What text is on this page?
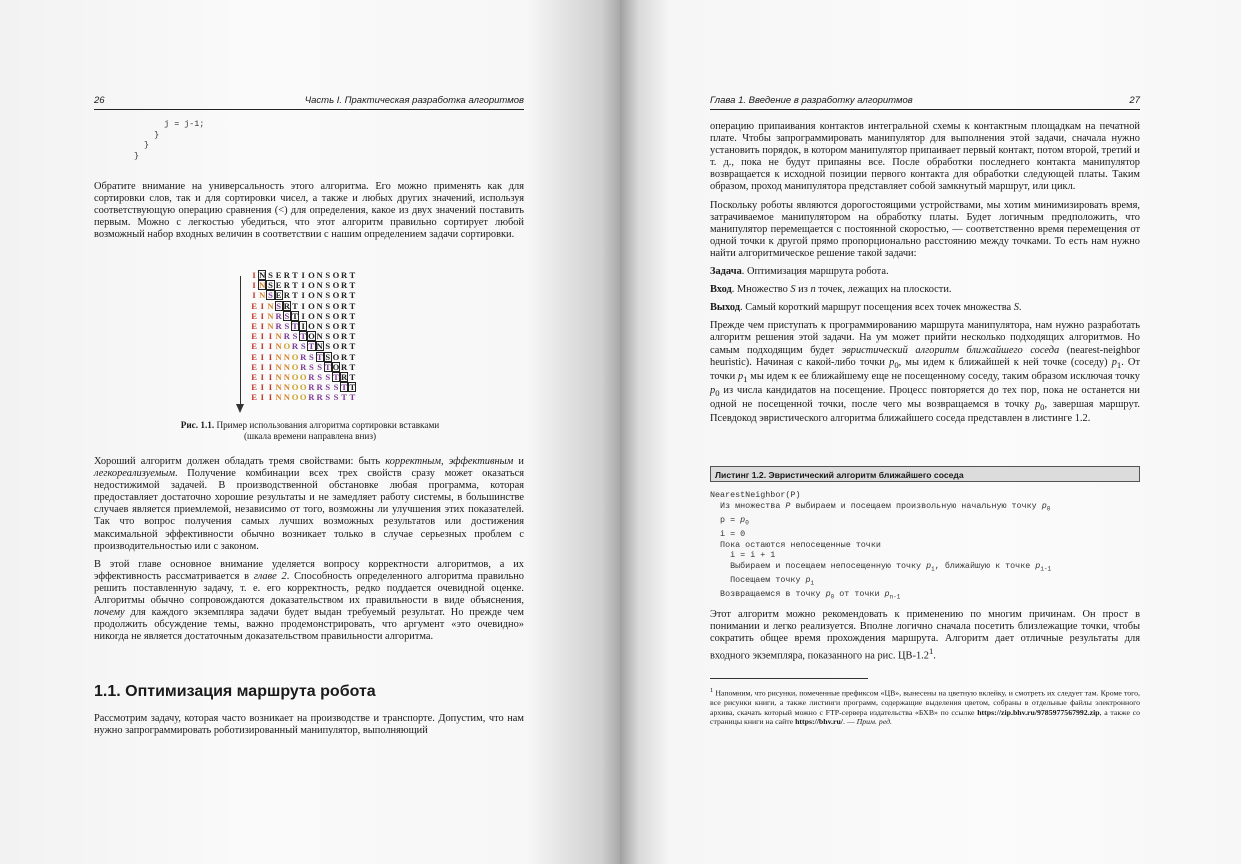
26	Часть I. Практическая разработка алгоритмов
j = j-1;
}
}
}

Обратите внимание на универсальность этого алгоритма. Его можно применять как для сортировки слов, так и для сортировки чисел, а также и любых других значений, используя соответствующую операцию сравнения (<) для определения, какое из двух значений поставить первым. Можно с легкостью убедиться, что этот алгоритм правильно сортирует любой возможный набор входных величин в соответствии с нашим определением задачи сортировки.

I N S E R T I O N S O R T
I N S E R T I O N S O R T
I N S E R T I O N S O R T
E I N S R T I O N S O R T
E I N R S T I O N S O R T
E I N R S T I O N S O R T
E I I N R S T O N S O R T
E I I N O R S T N S O R T
E I I N N O R S T S O R T
E I I N N O R S S T O R T
E I I N N O O R S S T R T
E I I N N O O R R S S T T
E I I N N O O R R S S T T
Рис. 1.1. Пример использования алгоритма сортировки вставками
(шкала времени направлена вниз)

Хороший алгоритм должен обладать тремя свойствами: быть корректным, эффективным и легкореализуемым. Получение комбинации всех трех свойств сразу может оказаться недостижимой задачей. В производственной обстановке любая программа, которая предоставляет достаточно хорошие результаты и не замедляет работу системы, в большинстве случаев является приемлемой, независимо от того, возможны ли улучшения этих показателей. Так что вопрос получения самых лучших возможных результатов или достижения максимальной эффективности обычно возникает только в случае серьезных проблем с производительностью или с законом.

В этой главе основное внимание уделяется вопросу корректности алгоритмов, а их эффективность рассматривается в главе 2. Способность определенного алгоритма правильно решить поставленную задачу, т. е. его корректность, редко поддается очевидной оценке. Алгоритмы обычно сопровождаются доказательством их правильности в виде объяснения, почему для каждого экземпляра задачи будет выдан требуемый результат. Но прежде чем продолжить обсуждение темы, важно продемонстрировать, что аргумент «это очевидно» никогда не является достаточным доказательством правильности алгоритма.

1.1. Оптимизация маршрута робота

Рассмотрим задачу, которая часто возникает на производстве и транспорте. Допустим, что нам нужно запрограммировать роботизированный манипулятор, выполняющий

Глава 1. Введение в разработку алгоритмов	27

операцию припаивания контактов интегральной схемы к контактным площадкам на печатной плате. Чтобы запрограммировать манипулятор для выполнения этой задачи, сначала нужно установить порядок, в котором манипулятор припаивает первый контакт, потом второй, третий и т. д., пока не будут припаяны все. После обработки последнего контакта манипулятор возвращается к исходной позиции первого контакта для обработки следующей платы. Таким образом, проход манипулятора представляет собой замкнутый маршрут, или цикл.

Поскольку роботы являются дорогостоящими устройствами, мы хотим минимизировать время, затрачиваемое манипулятором на обработку платы. Будет логичным предположить, что манипулятор перемещается с постоянной скоростью, — соответственно время перемещения от одной точки к другой прямо пропорционально расстоянию между точками. То есть нам нужно найти алгоритмическое решение такой задачи:

Задача. Оптимизация маршрута робота.

Вход. Множество S из n точек, лежащих на плоскости.

Выход. Самый короткий маршрут посещения всех точек множества S.

Прежде чем приступать к программированию маршрута манипулятора, нам нужно разработать алгоритм решения этой задачи. На ум может прийти несколько подходящих алгоритмов. Но самым подходящим будет эвристический алгоритм ближайшего соседа (nearest-neighbor heuristic). Начиная с какой-либо точки $p_0$, мы идем к ближайшей к ней точке (соседу) $p_1$. От точки $p_1$ мы идем к ее ближайшему еще не посещенному соседу, таким образом исключая точку $p_0$ из числа кандидатов на посещение. Процесс повторяется до тех пор, пока не останется ни одной не посещенной точки, после чего мы возвращаемся в точку $p_0$, завершая маршрут. Псевдокод эвристического алгоритма ближайшего соседа представлен в листинге 1.2.

Листинг 1.2. Эвристический алгоритм ближайшего соседа
NearestNeighbor(P)
Из множества P выбираем и посещаем произвольную начальную точку $p_0$
$p = p_0$
i = 0
Пока остаются непосещенные точки
i = i + 1
Выбираем и посещаем непосещенную точку $p_i$, ближайшую к точке $p_{i-1}$
Посещаем точку $p_i$
Возвращаемся в точку $p_0$ от точки $p_{n-1}$

Этот алгоритм можно рекомендовать к применению по многим причинам. Он прост в понимании и легко реализуется. Вполне логично сначала посетить близлежащие точки, чтобы сократить общее время прохождения маршрута. Алгоритм дает отличные результаты для входного экземпляра, показанного на рис. $ЦВ-1.2^1$.

$^1$ Напомним, что рисунки, помеченные префиксом «ЦВ», вынесены на цветную вклейку, и смотреть их следует там. Кроме того, все рисунки книги, а также листинги программ, содержащие выделения цветом, собраны в отдельные файлы электронного архива, скачать который можно с FTP-сервера издательства «БХВ» по ссылке https://zip.bhv.ru/9785977567992.zip, а также со страницы книги на сайте https://bhv.ru/. — Прим. ред.
